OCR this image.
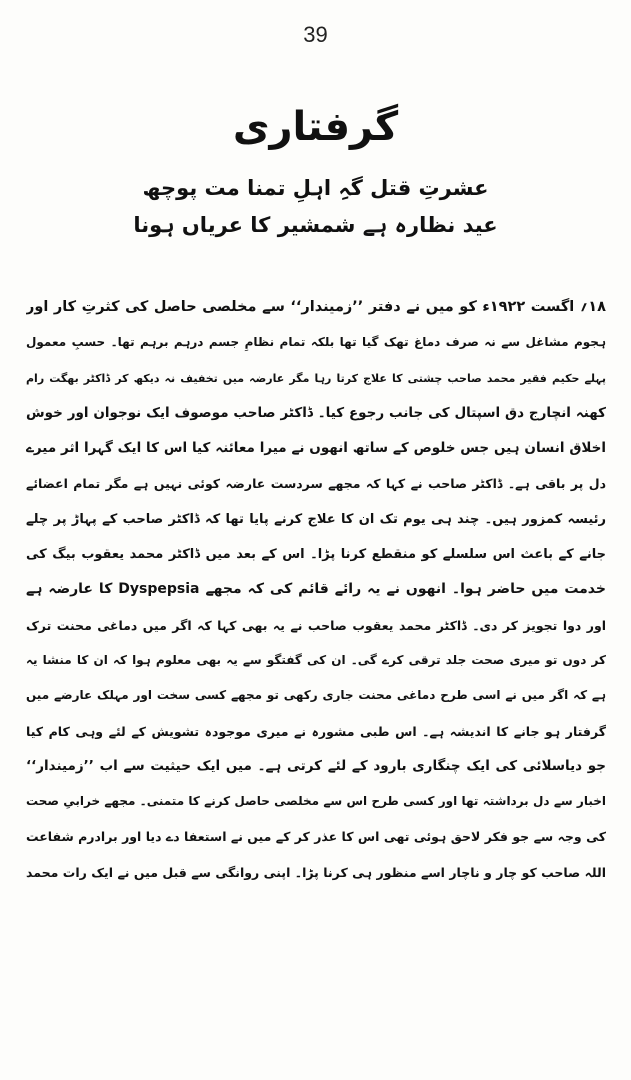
39
گرفتاری
عشرتِ قتل گہِ اہلِ تمنا مت پوچھ
عید نظارہ ہے شمشیر کا عریاں ہونا
۱۸؍ اگست ۱۹۲۲ء کو میں نے دفتر ’’زمیندار‘‘ سے مخلصی حاصل کی کثرتِ کار اور
ہجوم مشاغل سے نہ صرف دماغ تھک گیا تھا بلکہ تمام نظامِ جسم درہم برہم تھا۔ حسبِ معمول
پہلے حکیم فقیر محمد صاحب چشتی کا علاج کرتا رہا مگر عارضہ میں تخفیف نہ دیکھ کر ڈاکٹر بھگت رام
کھنہ انچارج دق اسپتال کی جانب رجوع کیا۔ ڈاکٹر صاحب موصوف ایک نوجوان اور خوش
اخلاق انسان ہیں جس خلوص کے ساتھ انھوں نے میرا معائنہ کیا اس کا ایک گہرا اثر میرے
دل پر باقی ہے۔ ڈاکٹر صاحب نے کہا کہ مجھے سردست عارضہ کوئی نہیں ہے مگر تمام اعضائے
رئیسہ کمزور ہیں۔ چند ہی یوم تک ان کا علاج کرنے پایا تھا کہ ڈاکٹر صاحب کے پہاڑ پر چلے
جانے کے باعث اس سلسلے کو منقطع کرنا پڑا۔ اس کے بعد میں ڈاکٹر محمد یعقوب بیگ کی
خدمت میں حاضر ہوا۔ انھوں نے یہ رائے قائم کی کہ مجھے Dyspepsia کا عارضہ ہے
اور دوا تجویز کر دی۔ ڈاکٹر محمد یعقوب صاحب نے یہ بھی کہا کہ اگر میں دماغی محنت ترک
کر دوں تو میری صحت جلد ترقی کرے گی۔ ان کی گفتگو سے یہ بھی معلوم ہوا کہ ان کا منشا یہ
ہے کہ اگر میں نے اسی طرح دماغی محنت جاری رکھی تو مجھے کسی سخت اور مہلک عارضے میں
گرفتار ہو جانے کا اندیشہ ہے۔ اس طبی مشورہ نے میری موجودہ تشویش کے لئے وہی کام کیا
جو دیاسلائی کی ایک چنگاری بارود کے لئے کرتی ہے۔ میں ایک حیثیت سے اب ’’زمیندار‘‘
اخبار سے دل برداشتہ تھا اور کسی طرح اس سے مخلصی حاصل کرنے کا متمنی۔ مجھے خرابیِ صحت
کی وجہ سے جو فکر لاحق ہوئی تھی اس کا عذر کر کے میں نے استعفا دے دیا اور برادرم شفاعت
اللہ صاحب کو چار و ناچار اسے منظور ہی کرنا پڑا۔ اپنی روانگی سے قبل میں نے ایک رات محمد
